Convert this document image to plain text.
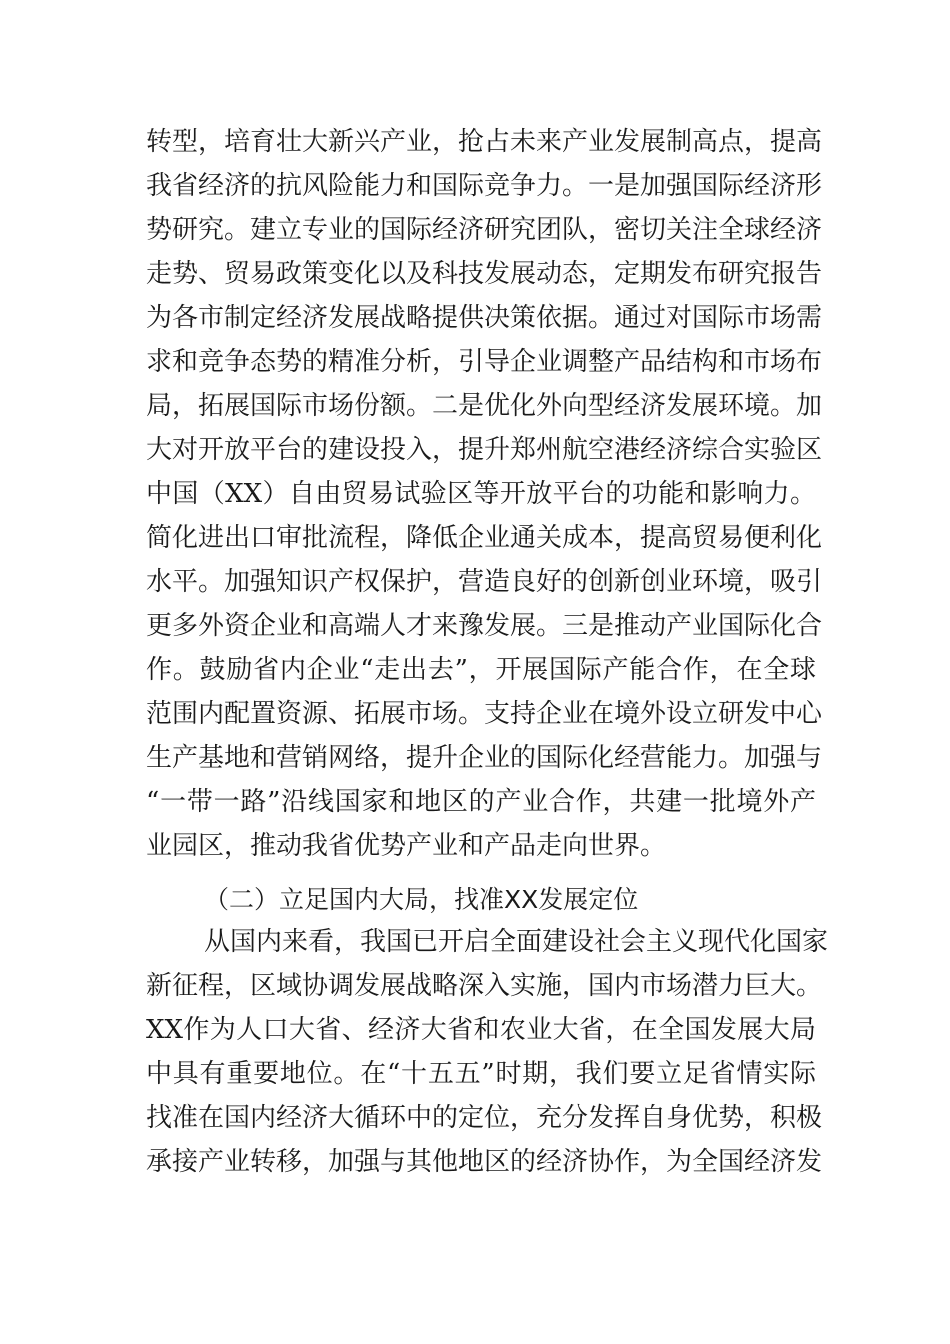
转型，培育壮大新兴产业，抢占未来产业发展制高点，提高
我省经济的抗风险能力和国际竞争力。一是加强国际经济形
势研究。建立专业的国际经济研究团队，密切关注全球经济
走势、贸易政策变化以及科技发展动态，定期发布研究报告
为各市制定经济发展战略提供决策依据。通过对国际市场需
求和竞争态势的精准分析，引导企业调整产品结构和市场布
局，拓展国际市场份额。二是优化外向型经济发展环境。加
大对开放平台的建设投入，提升郑州航空港经济综合实验区
中国（XX）自由贸易试验区等开放平台的功能和影响力。
简化进出口审批流程，降低企业通关成本，提高贸易便利化
水平。加强知识产权保护，营造良好的创新创业环境，吸引
更多外资企业和高端人才来豫发展。三是推动产业国际化合
作。鼓励省内企业“走出去”，开展国际产能合作，在全球
范围内配置资源、拓展市场。支持企业在境外设立研发中心
生产基地和营销网络，提升企业的国际化经营能力。加强与
“一带一路”沿线国家和地区的产业合作，共建一批境外产
业园区，推动我省优势产业和产品走向世界。
（二）立足国内大局，找准XX发展定位
从国内来看，我国已开启全面建设社会主义现代化国家
新征程，区域协调发展战略深入实施，国内市场潜力巨大。
XX作为人口大省、经济大省和农业大省，在全国发展大局
中具有重要地位。在“十五五”时期，我们要立足省情实际
找准在国内经济大循环中的定位，充分发挥自身优势，积极
承接产业转移，加强与其他地区的经济协作，为全国经济发
